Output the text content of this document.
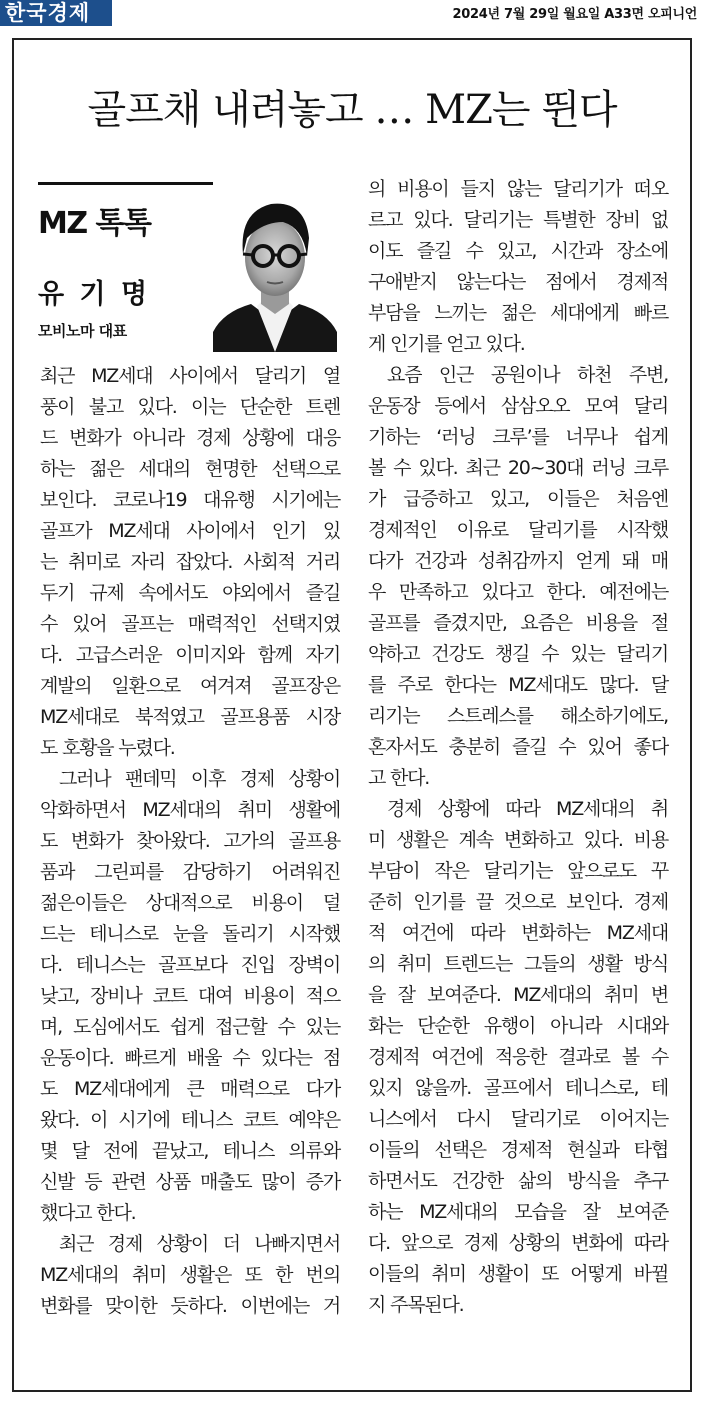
한국경제	2024년 7월 29일 월요일 A33면 오피니언
골프채 내려놓고 … MZ는 뛴다
MZ 톡톡
유 기 명
모비노마 대표

최근 MZ세대 사이에서 달리기 열
풍이 불고 있다. 이는 단순한 트렌
드 변화가 아니라 경제 상황에 대응
하는 젊은 세대의 현명한 선택으로
보인다. 코로나19 대유행 시기에는
골프가 MZ세대 사이에서 인기 있
는 취미로 자리 잡았다. 사회적 거리
두기 규제 속에서도 야외에서 즐길
수 있어 골프는 매력적인 선택지였
다. 고급스러운 이미지와 함께 자기
계발의 일환으로 여겨져 골프장은
MZ세대로 북적였고 골프용품 시장
도 호황을 누렸다.

그러나 팬데믹 이후 경제 상황이
악화하면서 MZ세대의 취미 생활에
도 변화가 찾아왔다. 고가의 골프용
품과 그린피를 감당하기 어려워진
젊은이들은 상대적으로 비용이 덜
드는 테니스로 눈을 돌리기 시작했
다. 테니스는 골프보다 진입 장벽이
낮고, 장비나 코트 대여 비용이 적으
며, 도심에서도 쉽게 접근할 수 있는
운동이다. 빠르게 배울 수 있다는 점
도 MZ세대에게 큰 매력으로 다가
왔다. 이 시기에 테니스 코트 예약은
몇 달 전에 끝났고, 테니스 의류와
신발 등 관련 상품 매출도 많이 증가
했다고 한다.

최근 경제 상황이 더 나빠지면서
MZ세대의 취미 생활은 또 한 번의
변화를 맞이한 듯하다. 이번에는 거

의 비용이 들지 않는 달리기가 떠오
르고 있다. 달리기는 특별한 장비 없
이도 즐길 수 있고, 시간과 장소에
구애받지 않는다는 점에서 경제적
부담을 느끼는 젊은 세대에게 빠르
게 인기를 얻고 있다.

요즘 인근 공원이나 하천 주변,
운동장 등에서 삼삼오오 모여 달리
기하는 ‘러닝 크루’를 너무나 쉽게
볼 수 있다. 최근 20~30대 러닝 크루
가 급증하고 있고, 이들은 처음엔
경제적인 이유로 달리기를 시작했
다가 건강과 성취감까지 얻게 돼 매
우 만족하고 있다고 한다. 예전에는
골프를 즐겼지만, 요즘은 비용을 절
약하고 건강도 챙길 수 있는 달리기
를 주로 한다는 MZ세대도 많다. 달
리기는 스트레스를 해소하기에도,
혼자서도 충분히 즐길 수 있어 좋다
고 한다.

경제 상황에 따라 MZ세대의 취
미 생활은 계속 변화하고 있다. 비용
부담이 작은 달리기는 앞으로도 꾸
준히 인기를 끌 것으로 보인다. 경제
적 여건에 따라 변화하는 MZ세대
의 취미 트렌드는 그들의 생활 방식
을 잘 보여준다. MZ세대의 취미 변
화는 단순한 유행이 아니라 시대와
경제적 여건에 적응한 결과로 볼 수
있지 않을까. 골프에서 테니스로, 테
니스에서 다시 달리기로 이어지는
이들의 선택은 경제적 현실과 타협
하면서도 건강한 삶의 방식을 추구
하는 MZ세대의 모습을 잘 보여준
다. 앞으로 경제 상황의 변화에 따라
이들의 취미 생활이 또 어떻게 바뀔
지 주목된다.
